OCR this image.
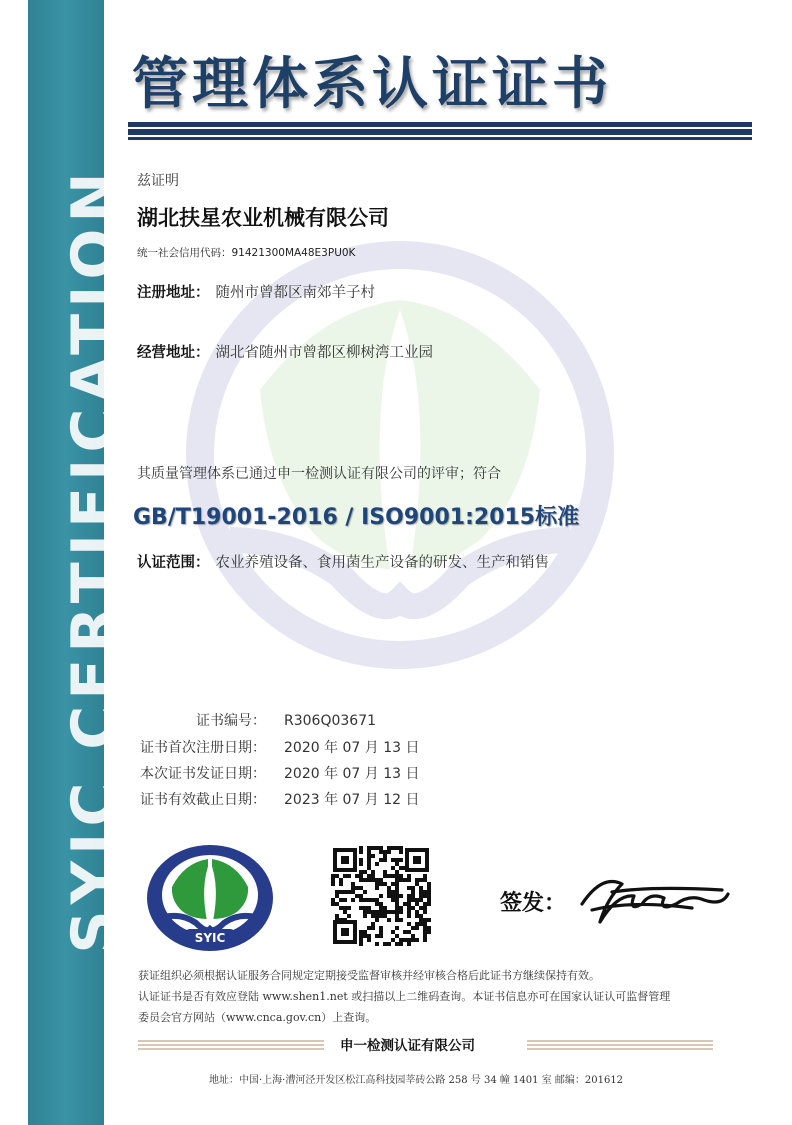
SYIC CERTIFICATION
管理体系认证证书
兹证明
湖北扶星农业机械有限公司
统一社会信用代码：91421300MA48E3PU0K
注册地址： 随州市曾都区南郊羊子村
经营地址： 湖北省随州市曾都区柳树湾工业园
其质量管理体系已通过申一检测认证有限公司的评审；符合
GB/T19001-2016 / ISO9001:2015标准
认证范围： 农业养殖设备、食用菌生产设备的研发、生产和销售
证书编号： R306Q03671
证书首次注册日期： 2020 年 07 月 13 日
本次证书发证日期： 2020 年 07 月 13 日
证书有效截止日期： 2023 年 07 月 12 日
SYIC
签发：

获证组织必须根据认证服务合同规定定期接受监督审核并经审核合格后此证书方继续保持有效。

认证证书是否有效应登陆 www.shen1.net 或扫描以上二维码查询。本证书信息亦可在国家认证认可监督管理

委员会官方网站（www.cnca.gov.cn）上查询。

申一检测认证有限公司
地址：中国·上海·漕河泾开发区松江高科技园莘砖公路 258 号 34 幢 1401 室 邮编：201612
